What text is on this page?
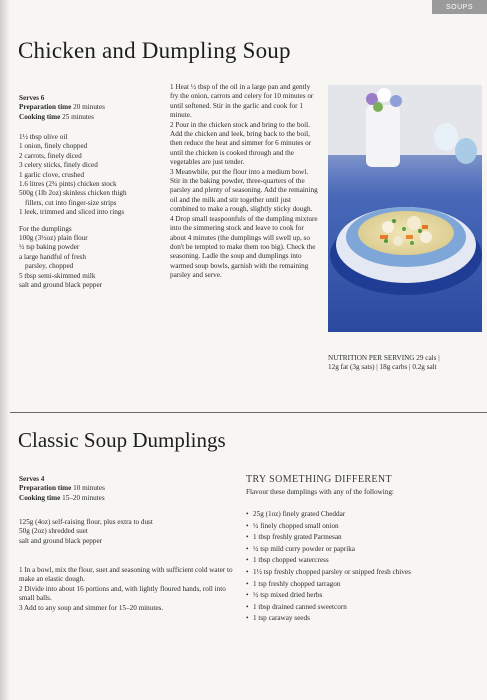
SOUPS
Chicken and Dumpling Soup
Serves 6
Preparation time 20 minutes
Cooking time 25 minutes
1½ tbsp olive oil
1 onion, finely chopped
2 carrots, finely diced
3 celery sticks, finely diced
1 garlic clove, crushed
1.6 litres (2¾ pints) chicken stock
500g (1lb 2oz) skinless chicken thigh
fillets, cut into finger-size strips
1 leek, trimmed and sliced into rings
For the dumplings
100g (3½oz) plain flour
½ tsp baking powder
a large handful of fresh
parsley, chopped
5 tbsp semi-skimmed milk
salt and ground black pepper

1 Heat ½ tbsp of the oil in a large pan and gently fry the onion, carrots and celery for 10 minutes or until softened. Stir in the garlic and cook for 1 minute.

2 Pour in the chicken stock and bring to the boil. Add the chicken and leek, bring back to the boil, then reduce the heat and simmer for 6 minutes or until the chicken is cooked through and the vegetables are just tender.

3 Meanwhile, put the flour into a medium bowl. Stir in the baking powder, three-quarters of the parsley and plenty of seasoning. Add the remaining oil and the milk and stir together until just combined to make a rough, slightly sticky dough.

4 Drop small teaspoonfuls of the dumpling mixture into the simmering stock and leave to cook for about 4 minutes (the dumplings will swell up, so don't be tempted to make them too big). Check the seasoning. Ladle the soup and dumplings into warmed soup bowls, garnish with the remaining parsley and serve.

NUTRITION PER SERVING 29 cals |
12g fat (3g sats) | 18g carbs | 0.2g salt
Classic Soup Dumplings
Serves 4
Preparation time 10 minutes
Cooking time 15–20 minutes
125g (4oz) self-raising flour, plus extra to dust
50g (2oz) shredded suet
salt and ground black pepper

1 In a bowl, mix the flour, suet and seasoning with sufficient cold water to make an elastic dough.

2 Divide into about 16 portions and, with lightly floured hands, roll into small balls.

3 Add to any soup and simmer for 15–20 minutes.

TRY SOMETHING DIFFERENT
Flavour these dumplings with any of the following:
• 25g (1oz) finely grated Cheddar
• ½ finely chopped small onion
• 1 tbsp freshly grated Parmesan
• ½ tsp mild curry powder or paprika
• 1 tbsp chopped watercress
• 1½ tsp freshly chopped parsley or snipped fresh chives
• 1 tsp freshly chopped tarragon
• ½ tsp mixed dried herbs
• 1 tbsp drained canned sweetcorn
• 1 tsp caraway seeds
